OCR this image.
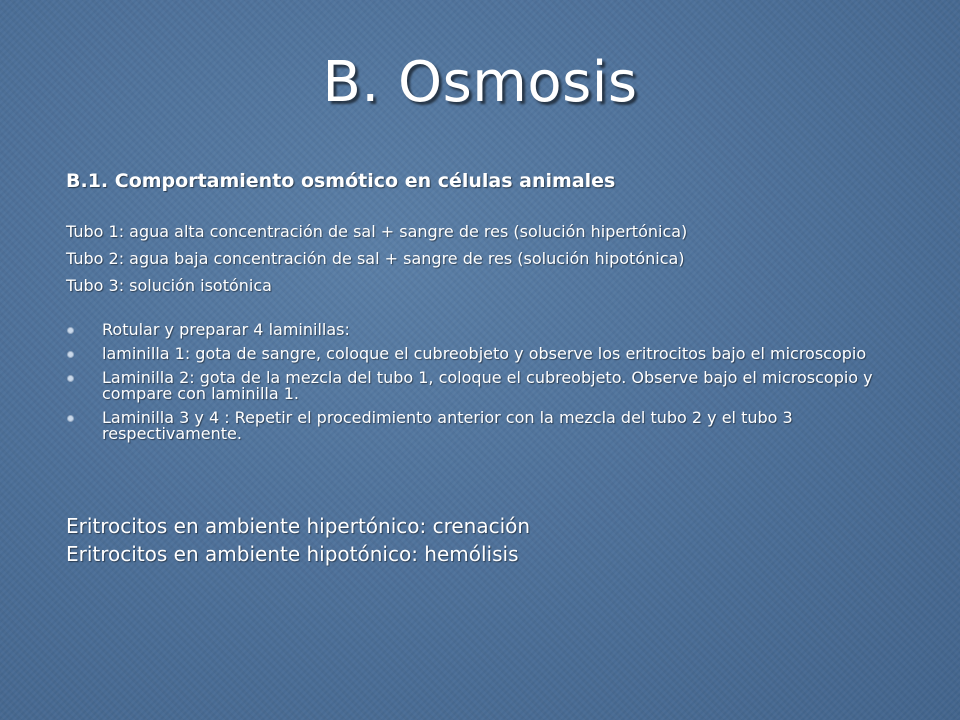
B. Osmosis
B.1. Comportamiento osmótico en células animales
Tubo 1: agua alta concentración de sal + sangre de res (solución hipertónica)
Tubo 2: agua baja concentración de sal + sangre de res (solución hipotónica)
Tubo 3: solución isotónica
Rotular y preparar 4 laminillas:
laminilla 1: gota de sangre, coloque el cubreobjeto y observe los eritrocitos bajo el microscopio
Laminilla 2: gota de la mezcla del tubo 1, coloque el cubreobjeto. Observe bajo el microscopio y compare con laminilla 1.
Laminilla 3 y 4 : Repetir el procedimiento anterior con la mezcla del tubo 2 y el tubo 3 respectivamente.
Eritrocitos en ambiente hipertónico: crenación
Eritrocitos en ambiente hipotónico: hemólisis
